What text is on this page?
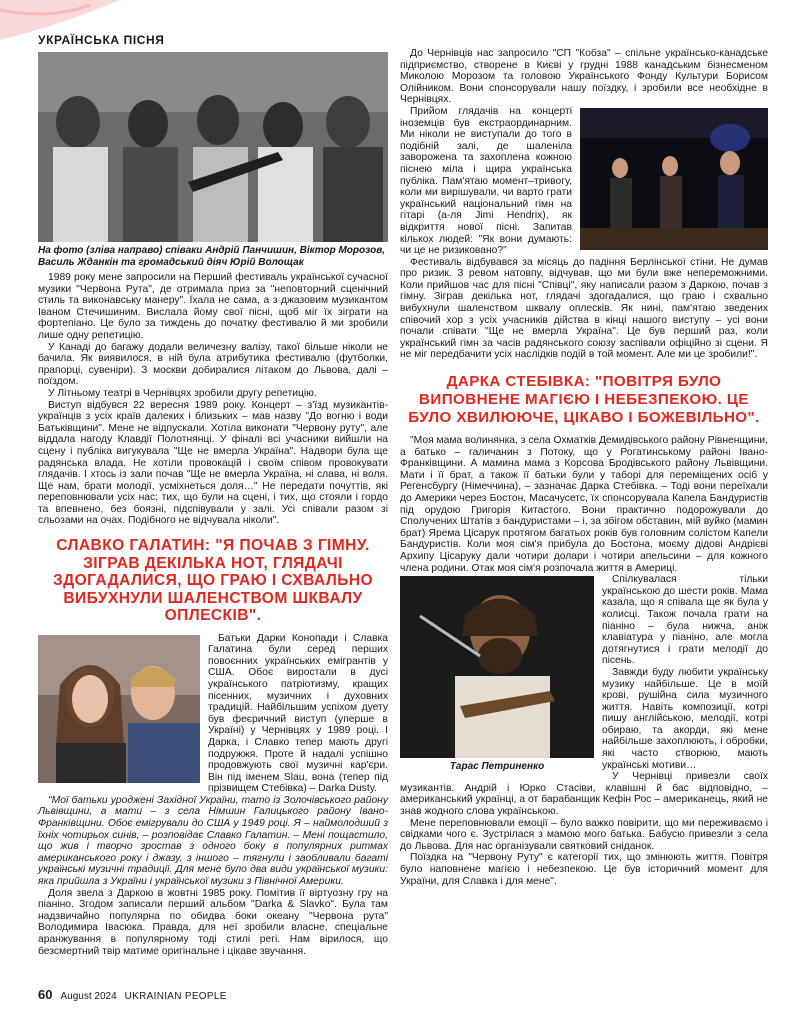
УКРАЇНСЬКА ПІСНЯ
На фото (зліва направо) співаки Андрій Панчишин, Віктор Морозов, Василь Жданкін та громадський діяч Юрій Волощак

1989 року мене запросили на Перший фестиваль української сучасної музики "Червона Рута", де отримала приз за "неповторний сценічний стиль та виконавську манеру". Їхала не сама, а з джазовим музикантом Іваном Стечишиним. Вислала йому свої пісні, щоб міг їх зіграти на фортепіано. Це було за тиждень до початку фестивалю й ми зробили лише одну репетицію.

У Канаді до багажу додали величезну валізу, такої більше ніколи не бачила. Як виявилося, в ній була атрибутика фестивалю (футболки, прапорці, сувеніри). З москви добиралися літаком до Львова, далі – поїздом.

У Літньому театрі в Чернівцях зробили другу репетицію.

Виступ відбувся 22 вересня 1989 року. Концерт – з'їзд музикантів-українців з усіх країв далеких і близьких – мав назву "До вогню і води Батьківщини". Мене не відпускали. Хотіла виконати "Червону руту", але віддала нагоду Клавдії Полотнянці. У фіналі всі учасники вийшли на сцену і публіка вигукувала "Ще не вмерла Україна". Надвори була ще радянська влада. Не хотіли провокацій і своїм співом провокувати глядачів. І хтось із зали почав "Ще не вмерла Україна, ні слава, ні воля. Ще нам, брати молодії, усміхнеться доля…" Не передати почуттів, які переповнювали усіх нас: тих, що були на сцені, і тих, що стояли і гордо та впевнено, без боязні, підспівували у залі. Усі співали разом зі сльозами на очах. Подібного не відчувала ніколи".

СЛАВКО ГАЛАТИН: "Я ПОЧАВ З ГІМНУ. ЗІГРАВ ДЕКІЛЬКА НОТ, ГЛЯДАЧІ ЗДОГАДАЛИСЯ, ЩО ГРАЮ І СХВАЛЬНО ВИБУХНУЛИ ШАЛЕНСТВОМ ШКВАЛУ ОПЛЕСКІВ".

Батьки Дарки Конопади і Славка Галатина були серед перших повоєнних українських емігрантів у США. Обоє виростали в дусі українського патріотизму, кращих пісенних, музичних і духовних традицій. Найбільшим успіхом дуету був феєричний виступ (уперше в Україні) у Чернівцях у 1989 році. І Дарка, і Славко тепер мають другі подружжя. Проте й надалі успішно продовжують свої музичні кар'єри. Він під іменем Slau, вона (тепер під прізвищем Стебівка) – Darka Dusty.

"Мої батьки уроджені Західної України, тато із Золочівського району Львівщини, а мати – з села Німшин Галицького району Івано-Франківщини. Обоє емігрували до США у 1949 році. Я – наймолодший з їхніх чотирьох синів, – розповідає Славко Галатин. – Мені пощастило, що жив і творчо зростав з одного боку в популярних ритмах американського року і джазу, з іншого – тягнули і заобливали багаті українські музичні традиції. Для мене було два види української музики: яка прийшла з України і української музики з Північної Америки.

Доля звела з Даркою в жовтні 1985 року. Помітив її віртуозну гру на піаніно. Згодом записали перший альбом "Darka & Slavko". Була там надзвичайно популярна по обидва боки океану "Червона рута" Володимира Івасюка. Правда, для неї зробили власне, спеціальне аранжування в популярному тоді стилі регі. Нам вірилося, що безсмертний твір матиме оригінальне і цікаве звучання.

До Чернівців нас запросило "СП "Кобза" – спільне українсько-канадське підприємство, створене в Києві у грудні 1988 канадським бізнесменом Миколою Морозом та головою Українського Фонду Культури Борисом Олійником. Вони спонсорували нашу поїздку, і зробили все необхідне в Чернівцях.

Прийом глядачів на концерті іноземців був екстраординарним. Ми ніколи не виступали до того в подібній залі, де шаленіла заворожена та захоплена кожною піснею міла і щира українська публіка. Пам'ятаю момент–тривогу, коли ми вирішували, чи варто грати український національний гімн на гітарі (а-ля Jimi Hendrix), як відкриття нової пісні. Запитав кількох людей: "Як вони думають: чи це не ризиковано?"

Фестиваль відбувався за місяць до падіння Берлінської стіни. Не думав про ризик. З ревом натовпу, відчував, що ми були вже непереможними. Коли прийшов час для пісні "Співці", яку написали разом з Даркою, почав з гімну. Зіграв декілька нот, глядачі здогадалися, що граю і схвально вибухнули шаленством шквалу оплесків. Як нині, пам'ятаю зведених співочий хор з усіх учасників дійства в кінці нашого виступу – усі вони почали співати "Ще не вмерла Україна". Це був перший раз, коли український гімн за часів радянського союзу заспівали офіційно зі сцени. Я не міг передбачити усіх наслідків подій в той момент. Але ми це зробили!".

ДАРКА СТЕБІВКА: "ПОВІТРЯ БУЛО ВИПОВНЕНЕ МАГІЄЮ І НЕБЕЗПЕКОЮ. ЦЕ БУЛО ХВИЛЮЮЧЕ, ЦІКАВО І БОЖЕВІЛЬНО".

"Моя мама волинянка, з села Охматків Демидівського району Рівненщини, а батько – галичанин з Потоку, що у Рогатинському районі Івано-Франківщини. А мамина мама з Корсова Бродівського району Львівщини. Мати і її брат, а також її батьки були у таборі для переміщених осіб у Регенсбургу (Німеччина), – зазначає Дарка Стебівка. – Тоді вони переїхали до Америки через Бостон, Масачусетс, їх спонсорувала Капела Бандуристів під орудою Григорія Китастого. Вони практично подорожували до Сполучених Штатів з бандуристами – і, за збігом обставин, мій вуйко (мамин брат) Ярема Цісарук протягом багатьох років був головним солістом Капели Бандуристів. Коли моя сім'я прибула до Бостона, моєму дідові Андрієві Архипу Цісаруку дали чотири долари і чотири апельсини – для кожного члена родини. Отак моя сім'я розпочала життя в Америці.

Тарас Петриненко

Спілкувалася тільки українською до шести років. Мама казала, що я співала ще як була у колисці. Також почала грати на піаніно – була нижча, аніж клавіатура у піаніно, але могла дотягнутися і грати мелодії до пісень.

Завжди буду любити українську музику найбільше. Це в моїй крові, рушійна сила музичного життя. Навіть композиції, котрі пишу англійською, мелодії, котрі обираю, та акорди, які мене найбільше захоплюють, і обробки, які часто створюю, мають українські мотиви…

У Чернівці привезли своїх музикантів. Андрій і Юрко Стасіви, клавішні й бас відповідно, – американський українці, а от барабанщик Кефін Рос – американець, який не знав жодного слова українською.

Мене переповнювали емоції – було важко повірити, що ми переживаємо і свідками чого є. Зустрілася з мамою мого батька. Бабусю привезли з села до Львова. Для нас організували святковий сніданок.

Поїздка на "Червону Руту" є категорії тих, що змінюють життя. Повітря було наповнене магією і небезпекою. Це був історичний момент для України, для Славка і для мене".

60 August 2024 UKRAINIAN PEOPLE
